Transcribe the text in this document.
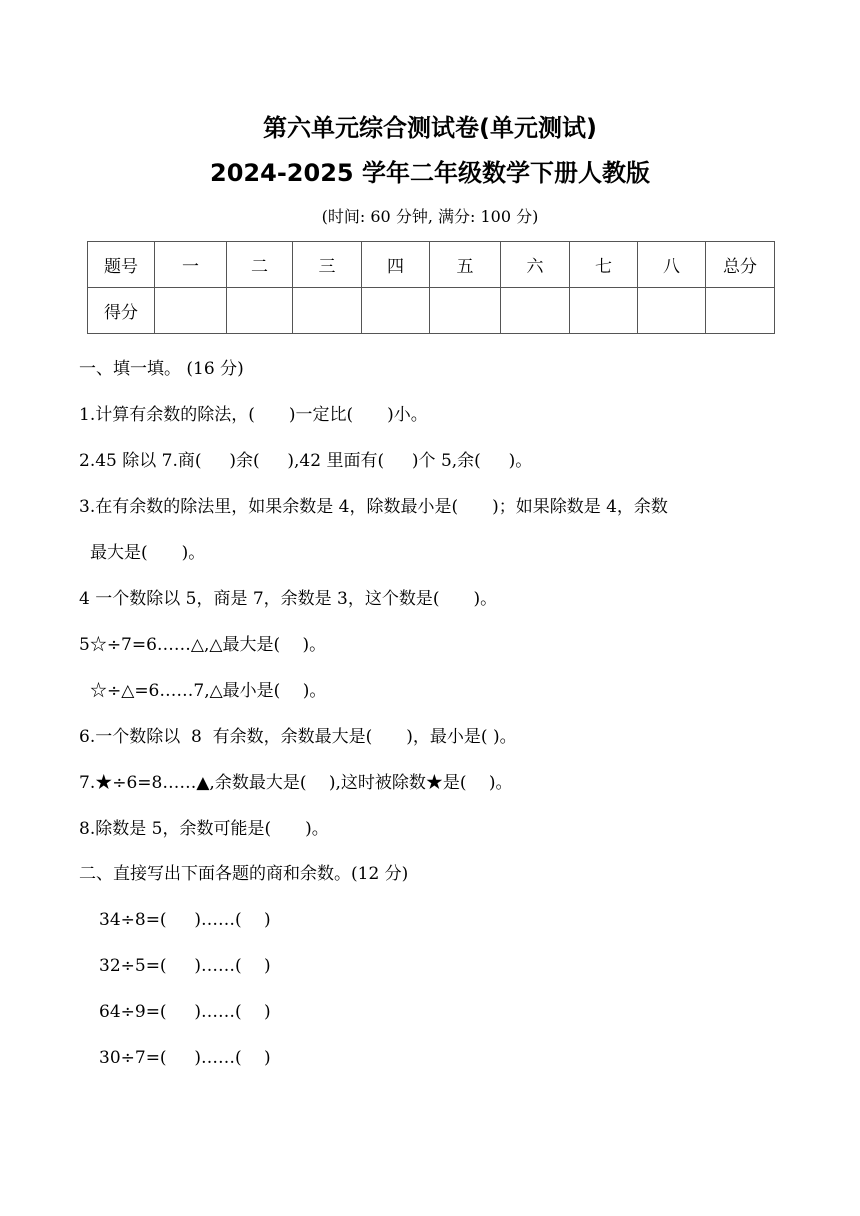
第六单元综合测试卷(单元测试)
2024-2025 学年二年级数学下册人教版
(时间: 60 分钟, 满分: 100 分)
题号	一	二	三	四	五	六	七	八	总分
得分									
一、填一填。 (16 分)
1.计算有余数的除法，(　　)一定比(　　)小。
2.45 除以 7.商(　  )余(　  ),42 里面有(　  )个 5,余(　  )。
3.在有余数的除法里，如果余数是 4，除数最小是(　　)；如果除数是 4，余数
最大是(　　)。
4 一个数除以 5，商是 7，余数是 3，这个数是(　　)。
5☆÷7=6……△,△最大是(　 )。
☆÷△=6……7,△最小是(　 )。
6.一个数除以  8  有余数，余数最大是(　　)，最小是( )。
7.★÷6=8……▲,余数最大是(　 ),这时被除数★是(　 )。
8.除数是 5，余数可能是(　　)。
二、直接写出下面各题的商和余数。(12 分)
34÷8=(　  )……(　 )
32÷5=(　  )……(　 )
64÷9=(　  )……(　 )
30÷7=(　  )……(　 )
